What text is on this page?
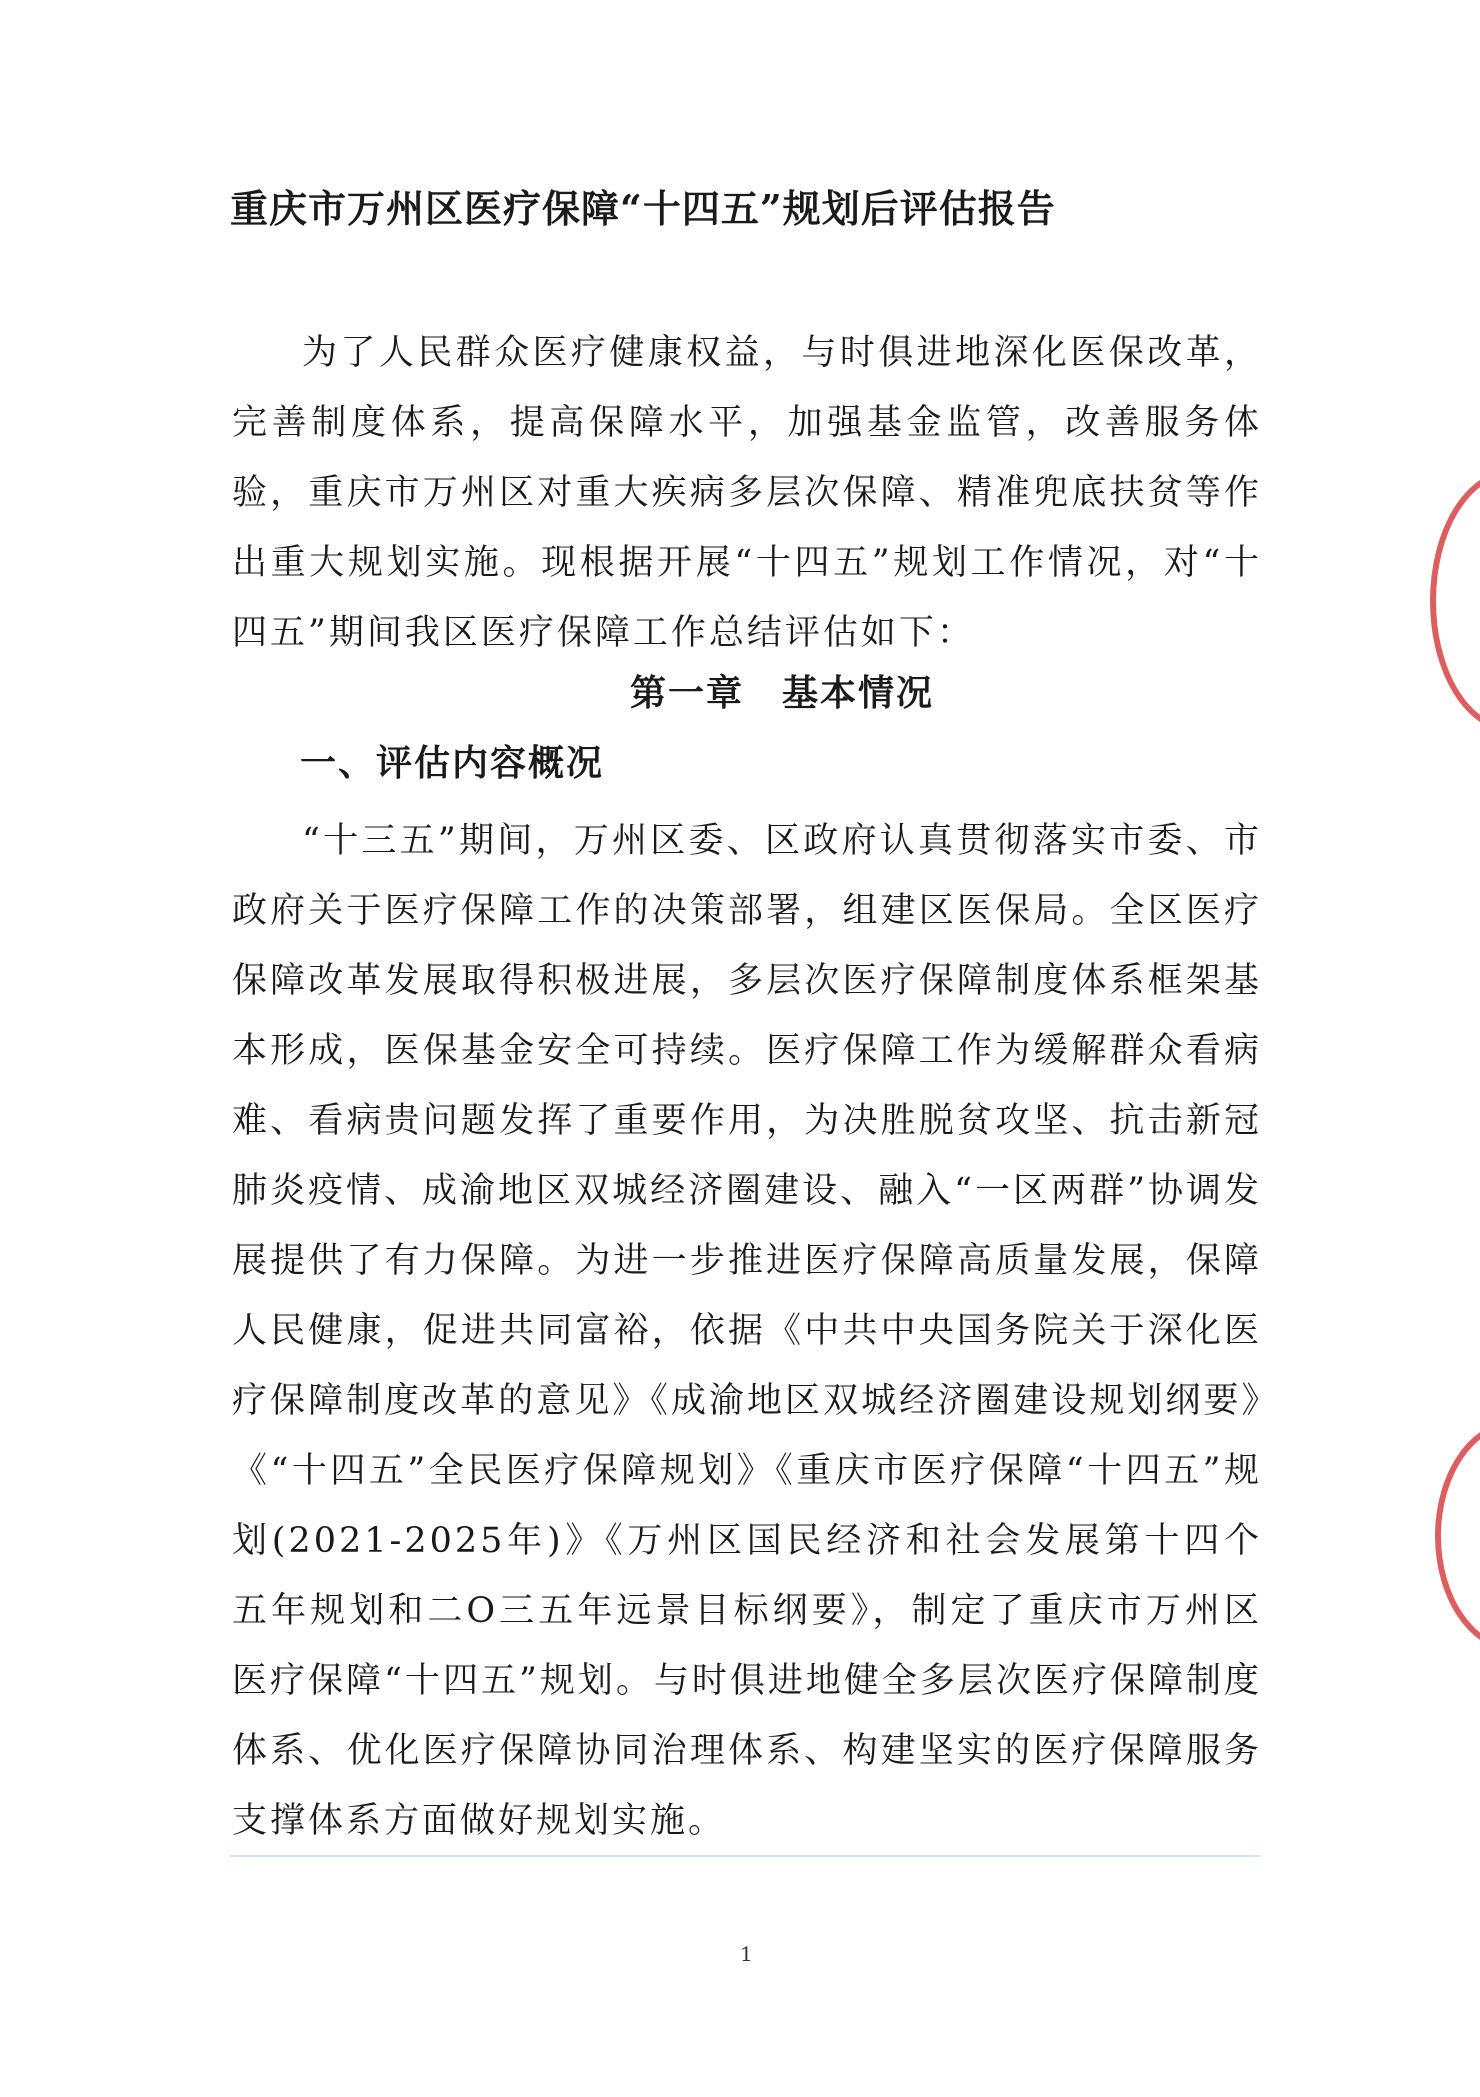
重庆市万州区医疗保障“十四五”规划后评估报告
为了人民群众医疗健康权益，与时俱进地深化医保改革，完善制度体系，提高保障水平，加强基金监管，改善服务体验，重庆市万州区对重大疾病多层次保障、精准兜底扶贫等作出重大规划实施。现根据开展“十四五”规划工作情况，对“十四五”期间我区医疗保障工作总结评估如下：
第一章　基本情况
一、评估内容概况
“十三五”期间，万州区委、区政府认真贯彻落实市委、市政府关于医疗保障工作的决策部署，组建区医保局。全区医疗保障改革发展取得积极进展，多层次医疗保障制度体系框架基本形成，医保基金安全可持续。医疗保障工作为缓解群众看病难、看病贵问题发挥了重要作用，为决胜脱贫攻坚、抗击新冠肺炎疫情、成渝地区双城经济圈建设、融入“一区两群”协调发展提供了有力保障。为进一步推进医疗保障高质量发展，保障人民健康，促进共同富裕，依据《中共中央国务院关于深化医疗保障制度改革的意见》《成渝地区双城经济圈建设规划纲要》《“十四五”全民医疗保障规划》《重庆市医疗保障“十四五”规划(2021-2025年)》《万州区国民经济和社会发展第十四个五年规划和二O三五年远景目标纲要》，制定了重庆市万州区医疗保障“十四五”规划。与时俱进地健全多层次医疗保障制度体系、优化医疗保障协同治理体系、构建坚实的医疗保障服务支撑体系方面做好规划实施。
1
